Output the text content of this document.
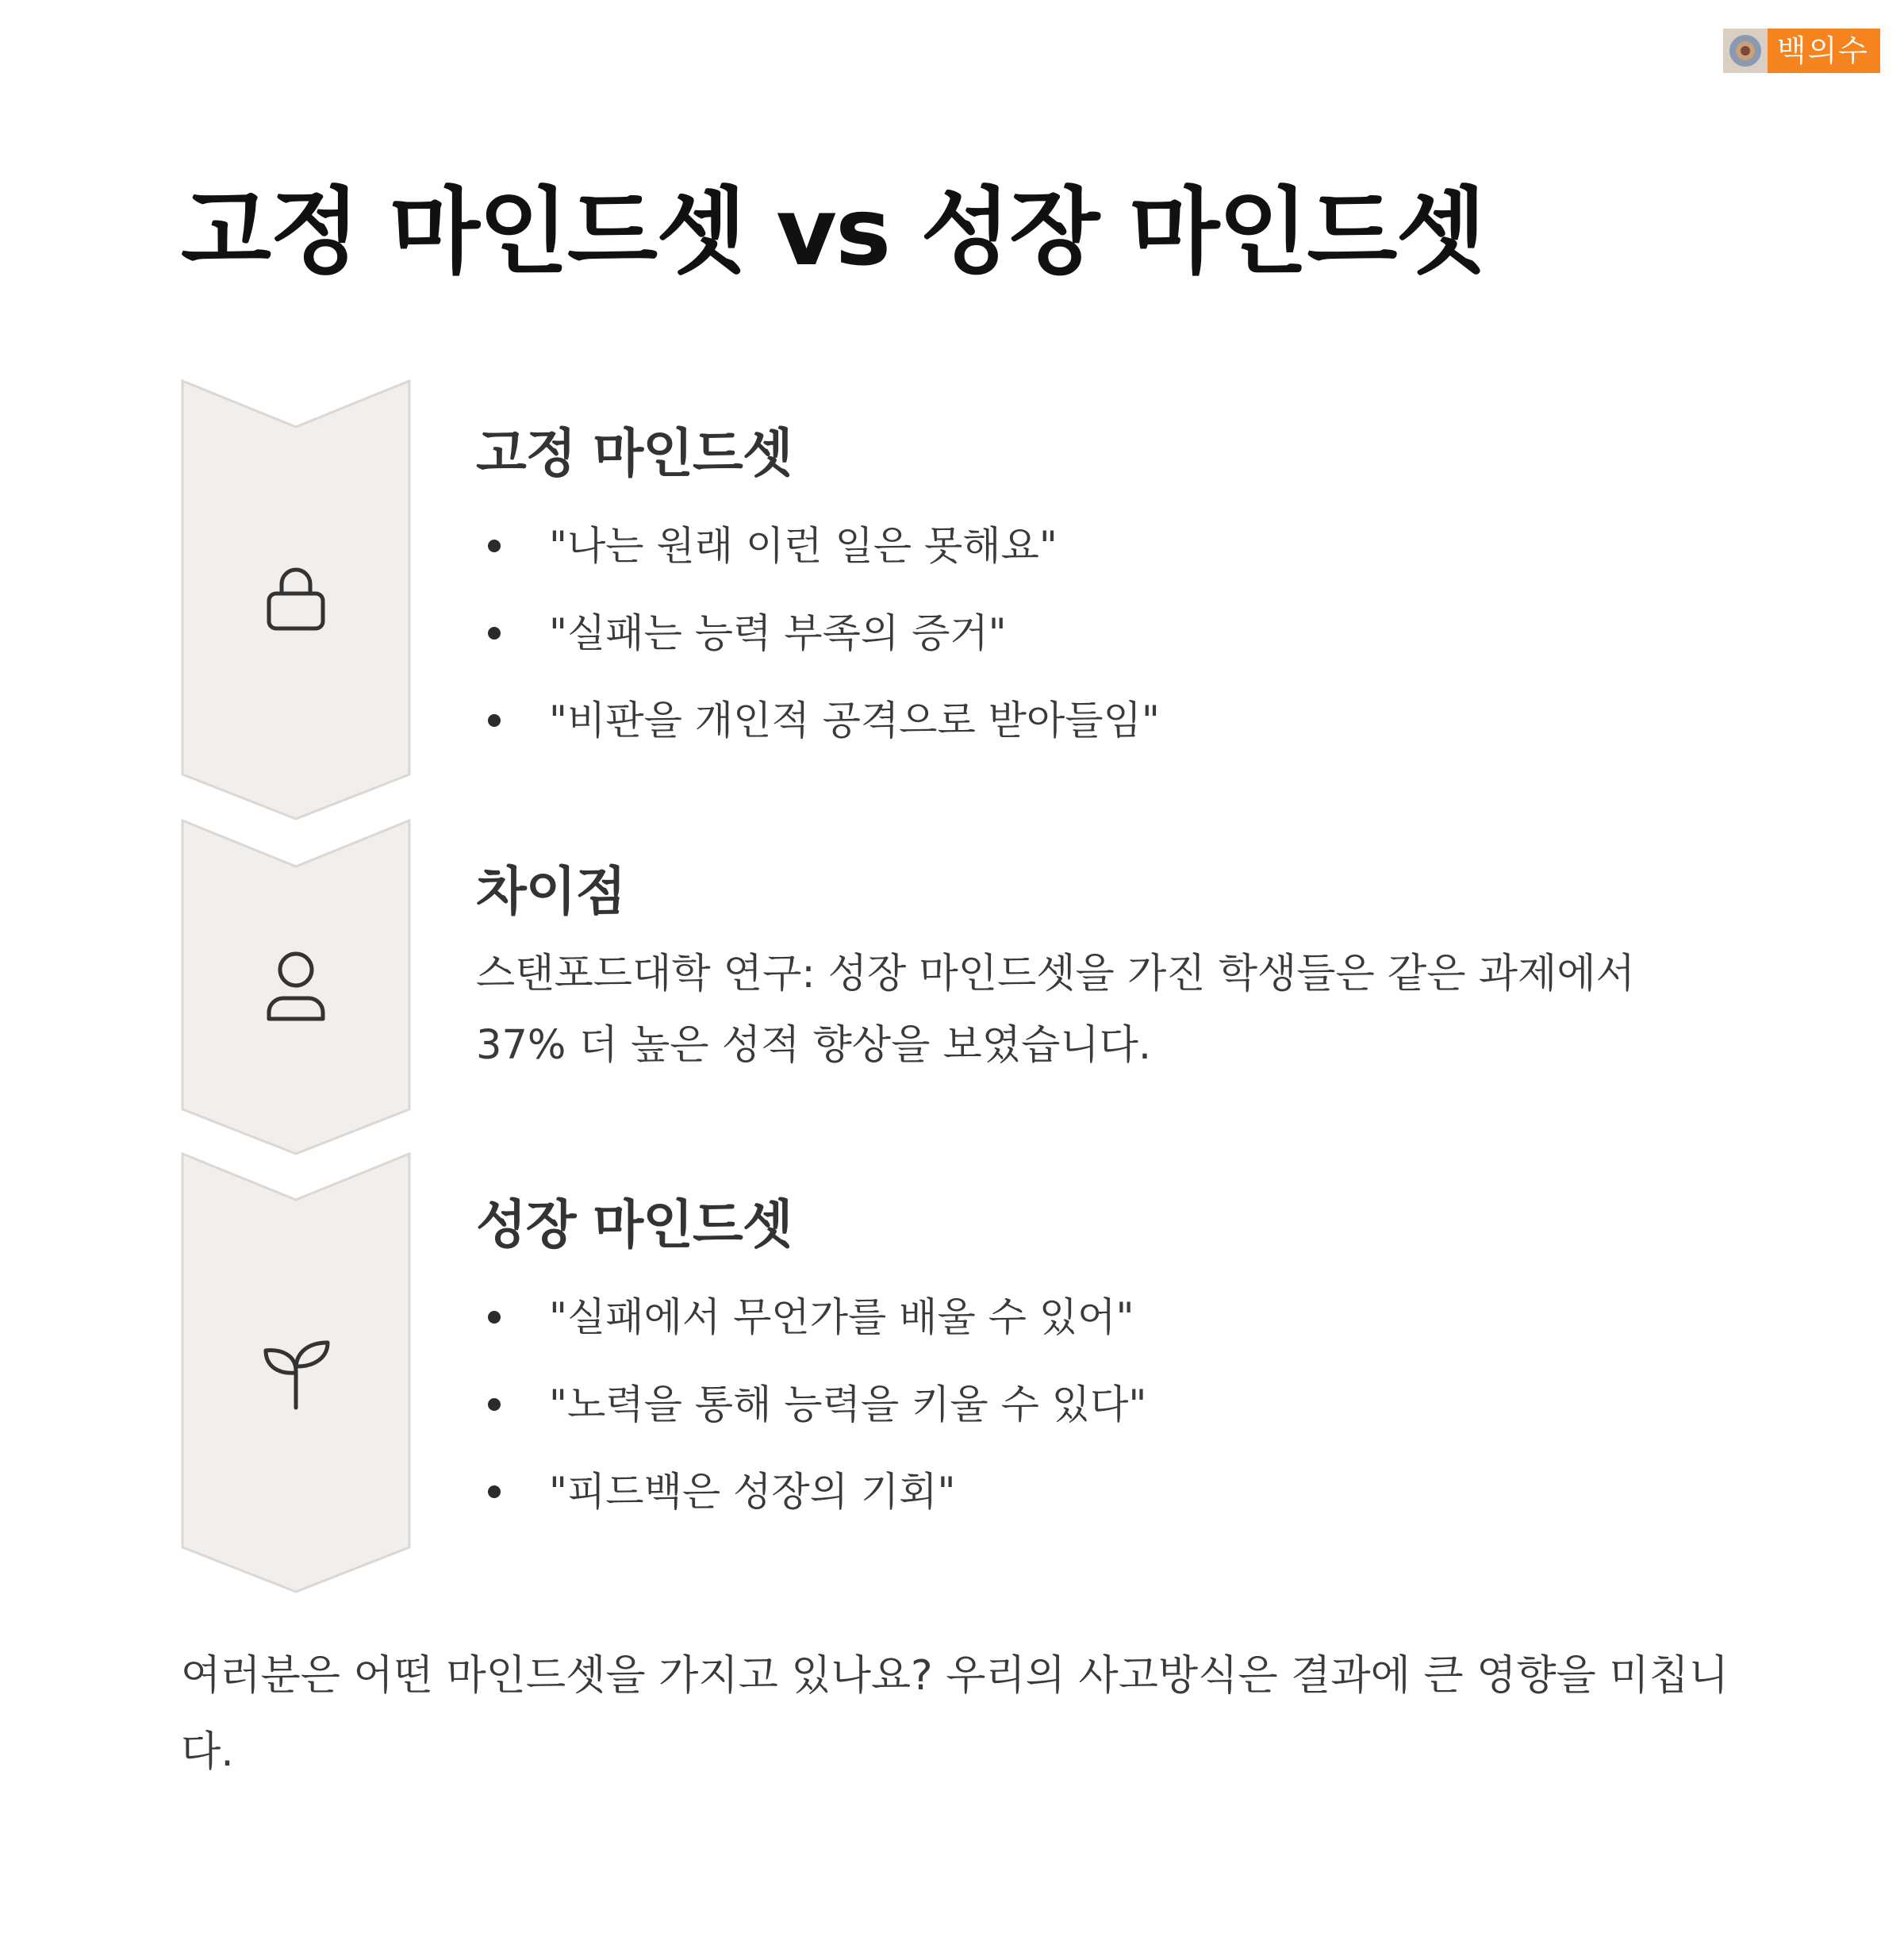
백의수
고정 마인드셋 vs 성장 마인드셋
고정 마인드셋
"나는 원래 이런 일은 못해요"
"실패는 능력 부족의 증거"
"비판을 개인적 공격으로 받아들임"
차이점

스탠포드대학 연구: 성장 마인드셋을 가진 학생들은 같은 과제에서 37% 더 높은 성적 향상을 보였습니다.

성장 마인드셋
"실패에서 무언가를 배울 수 있어"
"노력을 통해 능력을 키울 수 있다"
"피드백은 성장의 기회"

여러분은 어떤 마인드셋을 가지고 있나요? 우리의 사고방식은 결과에 큰 영향을 미칩니다.
